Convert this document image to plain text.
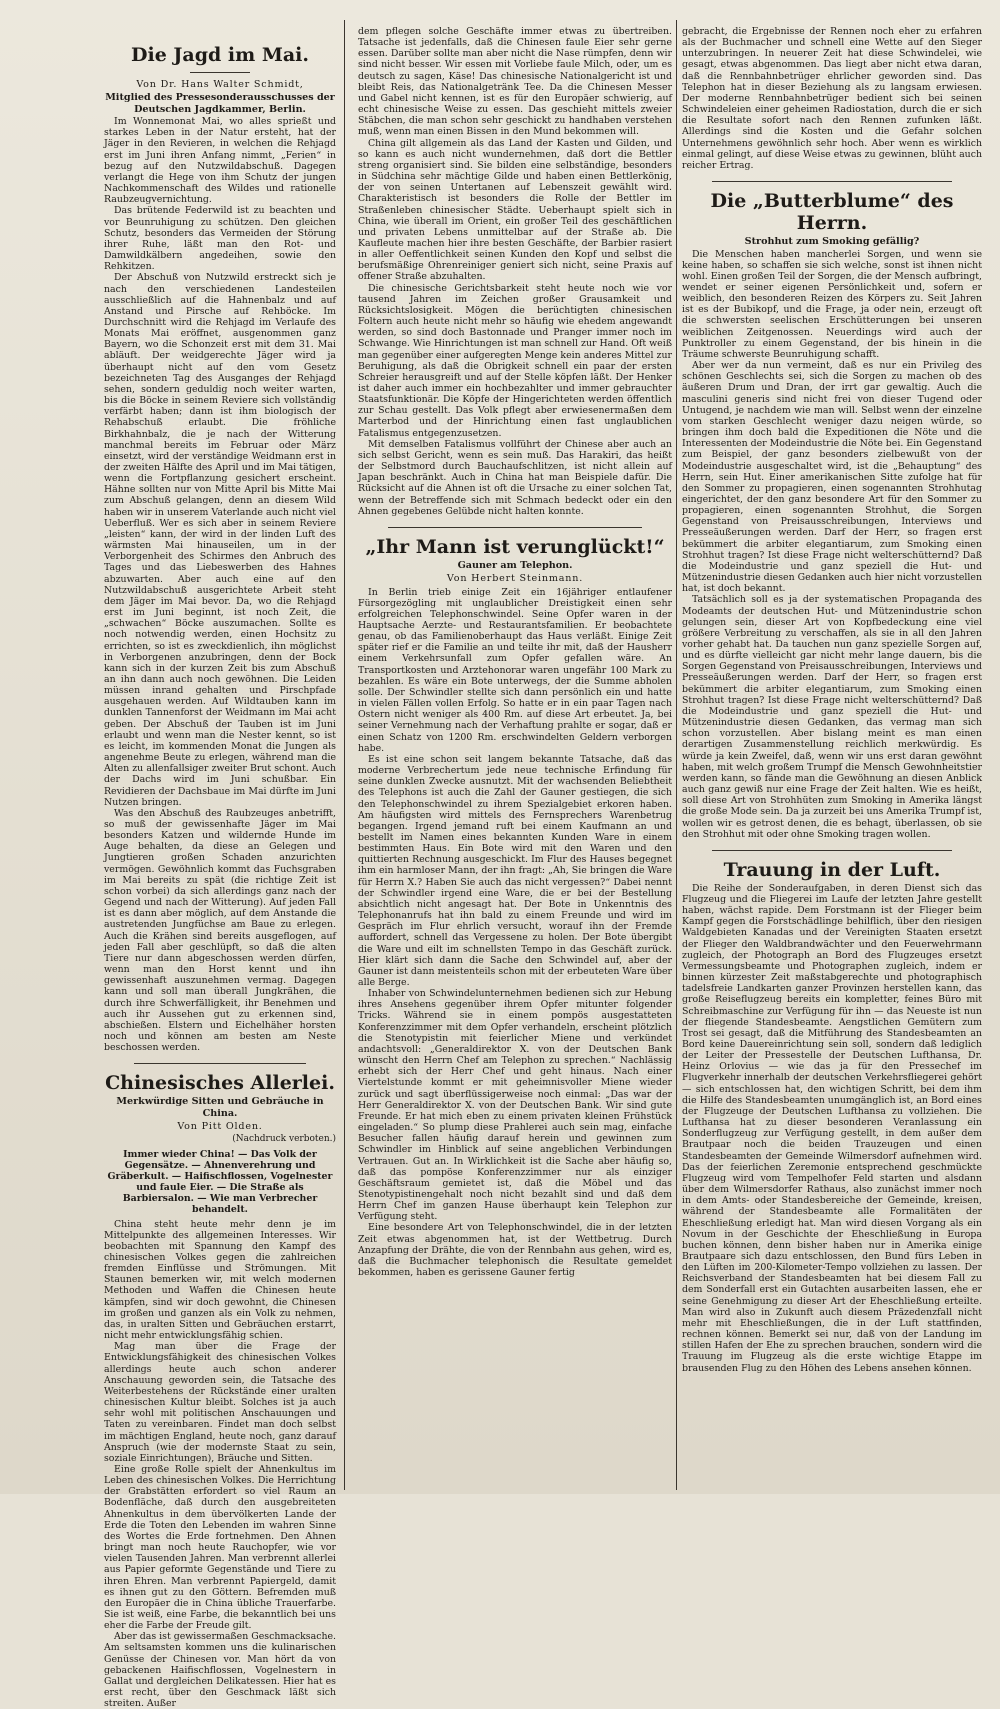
Die Jagd im Mai.
Von Dr. Hans Walter Schmidt,
Mitglied des Pressesonderausschusses der Deutschen Jagdkammer, Berlin.

Im Wonnemonat Mai, wo alles sprießt und starkes Leben in der Natur ersteht, hat der Jäger in den Revieren, in welchen die Rehjagd erst im Juni ihren Anfang nimmt, „Ferien“ in bezug auf den Nutzwildabschuß. Dagegen verlangt die Hege von ihm Schutz der jungen Nachkommenschaft des Wildes und rationelle Raubzeugvernichtung.

Das brütende Federwild ist zu beachten und vor Beunruhigung zu schützen. Den gleichen Schutz, besonders das Vermeiden der Störung ihrer Ruhe, läßt man den Rot- und Damwildkälbern angedeihen, sowie den Rehkitzen.

Der Abschuß von Nutzwild erstreckt sich je nach den verschiedenen Landesteilen ausschließlich auf die Hahnenbalz und auf Anstand und Pirsche auf Rehböcke. Im Durchschnitt wird die Rehjagd im Verlaufe des Monats Mai eröffnet, ausgenommen ganz Bayern, wo die Schonzeit erst mit dem 31. Mai abläuft. Der weidgerechte Jäger wird ja überhaupt nicht auf den vom Gesetz bezeichneten Tag des Ausganges der Rehjagd sehen, sondern geduldig noch weiter warten, bis die Böcke in seinem Reviere sich vollständig verfärbt haben; dann ist ihm biologisch der Rehabschuß erlaubt. Die fröhliche Birkhahnbalz, die je nach der Witterung manchmal bereits im Februar oder März einsetzt, wird der verständige Weidmann erst in der zweiten Hälfte des April und im Mai tätigen, wenn die Fortpflanzung gesichert erscheint. Hähne sollten nur von Mitte April bis Mitte Mai zum Abschuß gelangen, denn an diesem Wild haben wir in unserem Vaterlande auch nicht viel Ueberfluß. Wer es sich aber in seinem Reviere „leisten“ kann, der wird in der linden Luft des wärmsten Mai hinauseilen, um in der Verborgenheit des Schirmes den Anbruch des Tages und das Liebeswerben des Hahnes abzuwarten. Aber auch eine auf den Nutzwildabschuß ausgerichtete Arbeit steht dem Jäger im Mai bevor. Da, wo die Rehjagd erst im Juni beginnt, ist noch Zeit, die „schwachen“ Böcke auszumachen. Sollte es noch notwendig werden, einen Hochsitz zu errichten, so ist es zweckdienlich, ihn möglichst in Verborgenen anzubringen, denn der Bock kann sich in der kurzen Zeit bis zum Abschuß an ihn dann auch noch gewöhnen. Die Leiden müssen inrand gehalten und Pirschpfade ausgehauen werden. Auf Wildtauben kann im dunklen Tannenforst der Weidmann im Mai acht geben. Der Abschuß der Tauben ist im Juni erlaubt und wenn man die Nester kennt, so ist es leicht, im kommenden Monat die Jungen als angenehme Beute zu erlegen, während man die Alten zu allenfallsiger zweiter Brut schont. Auch der Dachs wird im Juni schußbar. Ein Revidieren der Dachsbaue im Mai dürfte im Juni Nutzen bringen.

Was den Abschuß des Raubzeuges anbetrifft, so muß der gewissenhafte Jäger im Mai besonders Katzen und wildernde Hunde im Auge behalten, da diese an Gelegen und Jungtieren großen Schaden anzurichten vermögen. Gewöhnlich kommt das Fuchsgraben im Mai bereits zu spät (die richtige Zeit ist schon vorbei) da sich allerdings ganz nach der Gegend und nach der Witterung). Auf jeden Fall ist es dann aber möglich, auf dem Anstande die austretenden Jungfüchse am Baue zu erlegen. Auch die Krähen sind bereits ausgeflogen, auf jeden Fall aber geschlüpft, so daß die alten Tiere nur dann abgeschossen werden dürfen, wenn man den Horst kennt und ihn gewissenhaft auszunehmen vermag. Dagegen kann und soll man überall Jungkrähen, die durch ihre Schwerfälligkeit, ihr Benehmen und auch ihr Aussehen gut zu erkennen sind, abschießen. Elstern und Eichelhäher horsten noch und können am besten am Neste beschossen werden.

Chinesisches Allerlei.
Merkwürdige Sitten und Gebräuche in China.
Von Pitt Olden.
(Nachdruck verboten.)
Immer wieder China! — Das Volk der Gegensätze. — Ahnenverehrung und Gräberkult. — Haifischflossen, Vogelnester und faule Eier. — Die Straße als Barbiersalon. — Wie man Verbrecher behandelt.

China steht heute mehr denn je im Mittelpunkte des allgemeinen Interesses. Wir beobachten mit Spannung den Kampf des chinesischen Volkes gegen die zahlreichen fremden Einflüsse und Strömungen. Mit Staunen bemerken wir, mit welch modernen Methoden und Waffen die Chinesen heute kämpfen, sind wir doch gewohnt, die Chinesen im großen und ganzen als ein Volk zu nehmen, das, in uralten Sitten und Gebräuchen erstarrt, nicht mehr entwicklungsfähig schien.

Mag man über die Frage der Entwicklungsfähigkeit des chinesischen Volkes allerdings heute auch schon anderer Anschauung geworden sein, die Tatsache des Weiterbestehens der Rückstände einer uralten chinesischen Kultur bleibt. Solches ist ja auch sehr wohl mit politischen Anschauungen und Taten zu vereinbaren. Findet man doch selbst im mächtigen England, heute noch, ganz darauf Anspruch (wie der modernste Staat zu sein, soziale Einrichtungen), Bräuche und Sitten.

Eine große Rolle spielt der Ahnenkultus im Leben des chinesischen Volkes. Die Herrichtung der Grabstätten erfordert so viel Raum an Bodenfläche, daß durch den ausgebreiteten Ahnenkultus in dem übervölkerten Lande der Erde die Toten den Lebenden im wahren Sinne des Wortes die Erde fortnehmen. Den Ahnen bringt man noch heute Rauchopfer, wie vor vielen Tausenden Jahren. Man verbrennt allerlei aus Papier geformte Gegenstände und Tiere zu ihren Ehren. Man verbrennt Papiergeld, damit es ihnen gut zu den Göttern. Befremden muß den Europäer die in China übliche Trauerfarbe. Sie ist weiß, eine Farbe, die bekanntlich bei uns eher die Farbe der Freude gilt.

Aber das ist gewissermaßen Geschmacksache. Am seltsamsten kommen uns die kulinarischen Genüsse der Chinesen vor. Man hört da von gebackenen Haifischflossen, Vogelnestern in Gallat und dergleichen Delikatessen. Hier hat es erst recht, über den Geschmack läßt sich streiten. Außer

dem pflegen solche Geschäfte immer etwas zu übertreiben. Tatsache ist jedenfalls, daß die Chinesen faule Eier sehr gerne essen. Darüber sollte man aber nicht die Nase rümpfen, denn wir sind nicht besser. Wir essen mit Vorliebe faule Milch, oder, um es deutsch zu sagen, Käse! Das chinesische Nationalgericht ist und bleibt Reis, das Nationalgetränk Tee. Da die Chinesen Messer und Gabel nicht kennen, ist es für den Europäer schwierig, auf echt chinesische Weise zu essen. Das geschieht mittels zweier Stäbchen, die man schon sehr geschickt zu handhaben verstehen muß, wenn man einen Bissen in den Mund bekommen will.

China gilt allgemein als das Land der Kasten und Gilden, und so kann es auch nicht wundernehmen, daß dort die Bettler streng organisiert sind. Sie bilden eine selbständige, besonders in Südchina sehr mächtige Gilde und haben einen Bettlerkönig, der von seinen Untertanen auf Lebenszeit gewählt wird. Charakteristisch ist besonders die Rolle der Bettler im Straßenleben chinesischer Städte. Ueberhaupt spielt sich in China, wie überall im Orient, ein großer Teil des geschäftlichen und privaten Lebens unmittelbar auf der Straße ab. Die Kaufleute machen hier ihre besten Geschäfte, der Barbier rasiert in aller Oeffentlichkeit seinen Kunden den Kopf und selbst die berufsmäßige Ohrenreiniger geniert sich nicht, seine Praxis auf offener Straße abzuhalten.

Die chinesische Gerichtsbarkeit steht heute noch wie vor tausend Jahren im Zeichen großer Grausamkeit und Rücksichtslosigkeit. Mögen die berüchtigten chinesischen Foltern auch heute nicht mehr so häufig wie ehedem angewandt werden, so sind doch Bastonnade und Pranger immer noch im Schwange. Wie Hinrichtungen ist man schnell zur Hand. Oft weiß man gegenüber einer aufgeregten Menge kein anderes Mittel zur Beruhigung, als daß die Obrigkeit schnell ein paar der ersten Schreier herausgreift und auf der Stelle köpfen läßt. Der Henker ist daher auch immer ein hochbezahlter und immer gebrauchter Staatsfunktionär. Die Köpfe der Hingerichteten werden öffentlich zur Schau gestellt. Das Volk pflegt aber erwiesenermaßen dem Marterbod und der Hinrichtung einen fast unglaublichen Fatalismus entgegenzusetzen.

Mit demselben Fatalismus vollführt der Chinese aber auch an sich selbst Gericht, wenn es sein muß. Das Harakiri, das heißt der Selbstmord durch Bauchaufschlitzen, ist nicht allein auf Japan beschränkt. Auch in China hat man Beispiele dafür. Die Rücksicht auf die Ahnen ist oft die Ursache zu einer solchen Tat, wenn der Betreffende sich mit Schmach bedeckt oder ein den Ahnen gegebenes Gelübde nicht halten konnte.

„Ihr Mann ist verunglückt!“
Gauner am Telephon.
Von Herbert Steinmann.

In Berlin trieb einige Zeit ein 16jähriger entlaufener Fürsorgezögling mit unglaublicher Dreistigkeit einen sehr erfolgreichen Telephonschwindel. Seine Opfer waren in der Hauptsache Aerzte- und Restaurantsfamilien. Er beobachtete genau, ob das Familienoberhaupt das Haus verläßt. Einige Zeit später rief er die Familie an und teilte ihr mit, daß der Hausherr einem Verkehrsunfall zum Opfer gefallen wäre. An Transportkosten und Arztehonorar waren ungefähr 100 Mark zu bezahlen. Es wäre ein Bote unterwegs, der die Summe abholen solle. Der Schwindler stellte sich dann persönlich ein und hatte in vielen Fällen vollen Erfolg. So hatte er in ein paar Tagen nach Ostern nicht weniger als 400 Rm. auf diese Art erbeutet. Ja, bei seiner Vernehmung nach der Verhaftung prahlte er sogar, daß er einen Schatz von 1200 Rm. erschwindelten Geldern verborgen habe.

Es ist eine schon seit langem bekannte Tatsache, daß das moderne Verbrechertum jede neue technische Erfindung für seine dunklen Zwecke ausnutzt. Mit der wachsenden Beliebtheit des Telephons ist auch die Zahl der Gauner gestiegen, die sich den Telephonschwindel zu ihrem Spezialgebiet erkoren haben. Am häufigsten wird mittels des Fernsprechers Warenbetrug begangen. Irgend jemand ruft bei einem Kaufmann an und bestellt im Namen eines bekannten Kunden Ware in einem bestimmten Haus. Ein Bote wird mit den Waren und den quittierten Rechnung ausgeschickt. Im Flur des Hauses begegnet ihm ein harmloser Mann, der ihn fragt: „Ah, Sie bringen die Ware für Herrn X.? Haben Sie auch das nicht vergessen?“ Dabei nennt der Schwindler irgend eine Ware, die er bei der Bestellung absichtlich nicht angesagt hat. Der Bote in Unkenntnis des Telephonanrufs hat ihn bald zu einem Freunde und wird im Gespräch im Flur ehrlich versucht, worauf ihn der Fremde auffordert, schnell das Vergessene zu holen. Der Bote übergibt die Ware und eilt im schnellsten Tempo in das Geschäft zurück. Hier klärt sich dann die Sache den Schwindel auf, aber der Gauner ist dann meistenteils schon mit der erbeuteten Ware über alle Berge.

Inhaber von Schwindelunternehmen bedienen sich zur Hebung ihres Ansehens gegenüber ihrem Opfer mitunter folgender Tricks. Während sie in einem pompös ausgestatteten Konferenzzimmer mit dem Opfer verhandeln, erscheint plötzlich die Stenotypistin mit feierlicher Miene und verkündet andachtsvoll: „Generaldirektor X. von der Deutschen Bank wünscht den Herrn Chef am Telephon zu sprechen.“ Nachlässig erhebt sich der Herr Chef und geht hinaus. Nach einer Viertelstunde kommt er mit geheimnisvoller Miene wieder zurück und sagt überflüssigerweise noch einmal: „Das war der Herr Generaldirektor X. von der Deutschen Bank. Wir sind gute Freunde. Er hat mich eben zu einem privaten kleinen Frühstück eingeladen.“ So plump diese Prahlerei auch sein mag, einfache Besucher fallen häufig darauf herein und gewinnen zum Schwindler im Hinblick auf seine angeblichen Verbindungen Vertrauen. Gut an. In Wirklichkeit ist die Sache aber häufig so, daß das pompöse Konferenzzimmer nur als einziger Geschäftsraum gemietet ist, daß die Möbel und das Stenotypistinengehalt noch nicht bezahlt sind und daß dem Herrn Chef im ganzen Hause überhaupt kein Telephon zur Verfügung steht.

Eine besondere Art von Telephonschwindel, die in der letzten Zeit etwas abgenommen hat, ist der Wettbetrug. Durch Anzapfung der Drähte, die von der Rennbahn aus gehen, wird es, daß die Buchmacher telephonisch die Resultate gemeldet bekommen, haben es gerissene Gauner fertig

gebracht, die Ergebnisse der Rennen noch eher zu erfahren als der Buchmacher und schnell eine Wette auf den Sieger unterzubringen. In neuerer Zeit hat diese Schwindelei, wie gesagt, etwas abgenommen. Das liegt aber nicht etwa daran, daß die Rennbahnbetrüger ehrlicher geworden sind. Das Telephon hat in dieser Beziehung als zu langsam erwiesen. Der moderne Rennbahnbetrüger bedient sich bei seinen Schwindeleien einer geheimen Radiostation, durch die er sich die Resultate sofort nach den Rennen zufunken läßt. Allerdings sind die Kosten und die Gefahr solchen Unternehmens gewöhnlich sehr hoch. Aber wenn es wirklich einmal gelingt, auf diese Weise etwas zu gewinnen, blüht auch reicher Ertrag.

Die „Butterblume“ des Herrn.
Strohhut zum Smoking gefällig?

Die Menschen haben mancherlei Sorgen, und wenn sie keine haben, so schaffen sie sich welche, sonst ist ihnen nicht wohl. Einen großen Teil der Sorgen, die der Mensch aufbringt, wendet er seiner eigenen Persönlichkeit und, sofern er weiblich, den besonderen Reizen des Körpers zu. Seit Jahren ist es der Bubikopf, und die Frage, ja oder nein, erzeugt oft die schwersten seelischen Erschütterungen bei unseren weiblichen Zeitgenossen. Neuerdings wird auch der Punktroller zu einem Gegenstand, der bis hinein in die Träume schwerste Beunruhigung schafft.

Aber wer da nun vermeint, daß es nur ein Privileg des schönen Geschlechts sei, sich die Sorgen zu machen ob des äußeren Drum und Dran, der irrt gar gewaltig. Auch die masculini generis sind nicht frei von dieser Tugend oder Untugend, je nachdem wie man will. Selbst wenn der einzelne vom starken Geschlecht weniger dazu neigen würde, so bringen ihm doch bald die Expeditionen die Nöte und die Interessenten der Modeindustrie die Nöte bei. Ein Gegenstand zum Beispiel, der ganz besonders zielbewußt von der Modeindustrie ausgeschaltet wird, ist die „Behauptung“ des Herrn, sein Hut. Einer amerikanischen Sitte zufolge hat für den Sommer zu propagieren, einen sogenannten Strohhutag eingerichtet, der den ganz besondere Art für den Sommer zu propagieren, einen sogenannten Strohhut, die Sorgen Gegenstand von Preisausschreibungen, Interviews und Presseäußerungen werden. Darf der Herr, so fragen erst bekümmert die arbiter elegantiarum, zum Smoking einen Strohhut tragen? Ist diese Frage nicht welterschütternd? Daß die Modeindustrie und ganz speziell die Hut- und Mützenindustrie diesen Gedanken auch hier nicht vorzustellen hat, ist doch bekannt.

Tatsächlich soll es ja der systematischen Propaganda des Modeamts der deutschen Hut- und Mützenindustrie schon gelungen sein, dieser Art von Kopfbedeckung eine viel größere Verbreitung zu verschaffen, als sie in all den Jahren vorher gehabt hat. Da tauchen nun ganz spezielle Sorgen auf, und es dürfte vielleicht gar nicht mehr lange dauern, bis die Sorgen Gegenstand von Preisausschreibungen, Interviews und Presseäußerungen werden. Darf der Herr, so fragen erst bekümmert die arbiter elegantiarum, zum Smoking einen Strohhut tragen? Ist diese Frage nicht welterschütternd? Daß die Modeindustrie und ganz speziell die Hut- und Mützenindustrie diesen Gedanken, das vermag man sich schon vorzustellen. Aber bislang meint es man einen derartigen Zusammenstellung reichlich merkwürdig. Es würde ja kein Zweifel, daß, wenn wir uns erst daran gewöhnt haben, mit welch großem Trumpf die Mensch Gewohnheitstier werden kann, so fände man die Gewöhnung an diesen Anblick auch ganz gewiß nur eine Frage der Zeit halten. Wie es heißt, soll diese Art von Strohhüten zum Smoking in Amerika längst die große Mode sein. Da ja zurzeit bei uns Amerika Trumpf ist, wollen wir es getrost denen, die es behagt, überlassen, ob sie den Strohhut mit oder ohne Smoking tragen wollen.

Trauung in der Luft.

Die Reihe der Sonderaufgaben, in deren Dienst sich das Flugzeug und die Fliegerei im Laufe der letzten Jahre gestellt haben, wächst rapide. Dem Forstmann ist der Flieger beim Kampf gegen die Forstschädlinge behilflich, über den riesigen Waldgebieten Kanadas und der Vereinigten Staaten ersetzt der Flieger den Waldbrandwächter und den Feuerwehrmann zugleich, der Photograph an Bord des Flugzeuges ersetzt Vermessungsbeamte und Photographen zugleich, indem er binnen kürzester Zeit maßstabgerechte und photographisch tadelsfreie Landkarten ganzer Provinzen herstellen kann, das große Reiseflugzeug bereits ein kompletter, feines Büro mit Schreibmaschine zur Verfügung für ihn — das Neueste ist nun der fliegende Standesbeamte. Aengstlichen Gemütern zum Trost sei gesagt, daß die Mitführung des Standesbeamten an Bord keine Dauereinrichtung sein soll, sondern daß lediglich der Leiter der Pressestelle der Deutschen Lufthansa, Dr. Heinz Orlovius — wie das ja für den Pressechef im Flugverkehr innerhalb der deutschen Verkehrsfliegerei gehört — sich entschlossen hat, den wichtigen Schritt, bei dem ihm die Hilfe des Standesbeamten unumgänglich ist, an Bord eines der Flugzeuge der Deutschen Lufthansa zu vollziehen. Die Lufthansa hat zu dieser besonderen Veranlassung ein Sonderflugzeug zur Verfügung gestellt, in dem außer dem Brautpaar noch die beiden Trauzeugen und einen Standesbeamten der Gemeinde Wilmersdorf aufnehmen wird. Das der feierlichen Zeremonie entsprechend geschmückte Flugzeug wird vom Tempelhofer Feld starten und alsdann über dem Wilmersdorfer Rathaus, also zunächst immer noch in dem Amts- oder Standesbereiche der Gemeinde, kreisen, während der Standesbeamte alle Formalitäten der Eheschließung erledigt hat. Man wird diesen Vorgang als ein Novum in der Geschichte der Eheschließung in Europa buchen können, denn bisher haben nur in Amerika einige Brautpaare sich dazu entschlossen, den Bund fürs Leben in den Lüften im 200-Kilometer-Tempo vollziehen zu lassen. Der Reichsverband der Standesbeamten hat bei diesem Fall zu dem Sonderfall erst ein Gutachten ausarbeiten lassen, ehe er seine Genehmigung zu dieser Art der Eheschließung erteilte. Man wird also in Zukunft auch diesem Präzedenzfall nicht mehr mit Eheschließungen, die in der Luft stattfinden, rechnen können. Bemerkt sei nur, daß von der Landung im stillen Hafen der Ehe zu sprechen brauchen, sondern wird die Trauung im Flugzeug als die erste wichtige Etappe im brausenden Flug zu den Höhen des Lebens ansehen können.
